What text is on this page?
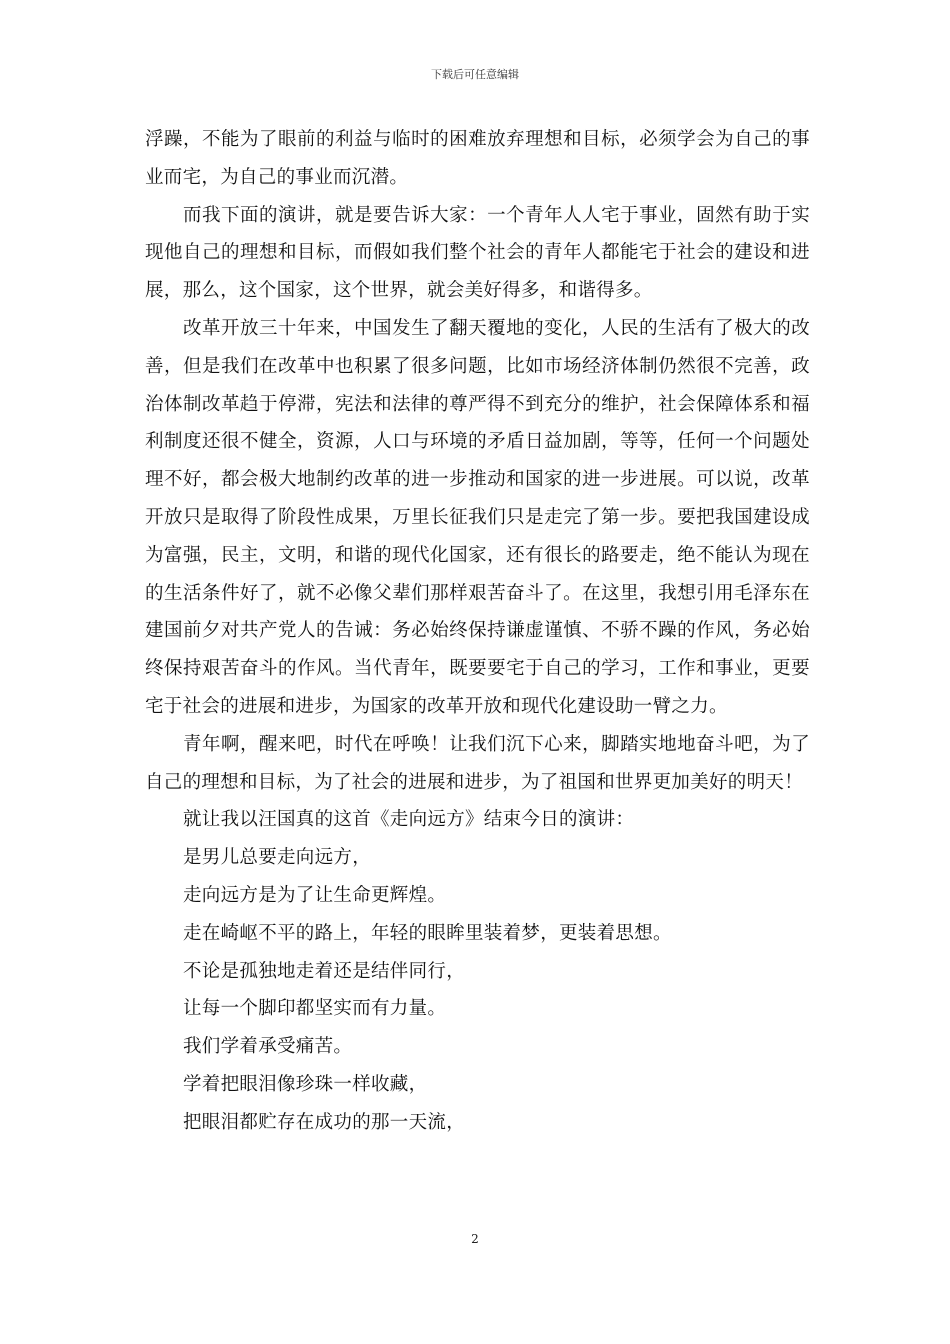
下载后可任意编辑

浮躁，不能为了眼前的利益与临时的困难放弃理想和目标，必须学会为自己的事业而宅，为自己的事业而沉潜。

而我下面的演讲，就是要告诉大家：一个青年人人宅于事业，固然有助于实现他自己的理想和目标，而假如我们整个社会的青年人都能宅于社会的建设和进展，那么，这个国家，这个世界，就会美好得多，和谐得多。

改革开放三十年来，中国发生了翻天覆地的变化，人民的生活有了极大的改善，但是我们在改革中也积累了很多问题，比如市场经济体制仍然很不完善，政治体制改革趋于停滞，宪法和法律的尊严得不到充分的维护，社会保障体系和福利制度还很不健全，资源，人口与环境的矛盾日益加剧，等等，任何一个问题处理不好，都会极大地制约改革的进一步推动和国家的进一步进展。可以说，改革开放只是取得了阶段性成果，万里长征我们只是走完了第一步。要把我国建设成为富强，民主，文明，和谐的现代化国家，还有很长的路要走，绝不能认为现在的生活条件好了，就不必像父辈们那样艰苦奋斗了。在这里，我想引用毛泽东在建国前夕对共产党人的告诫：务必始终保持谦虚谨慎、不骄不躁的作风，务必始终保持艰苦奋斗的作风。当代青年，既要要宅于自己的学习，工作和事业，更要宅于社会的进展和进步，为国家的改革开放和现代化建设助一臂之力。

青年啊，醒来吧，时代在呼唤！让我们沉下心来，脚踏实地地奋斗吧，为了自己的理想和目标，为了社会的进展和进步，为了祖国和世界更加美好的明天！

就让我以汪国真的这首《走向远方》结束今日的演讲：

是男儿总要走向远方，

走向远方是为了让生命更辉煌。

走在崎岖不平的路上，年轻的眼眸里装着梦，更装着思想。

不论是孤独地走着还是结伴同行，

让每一个脚印都坚实而有力量。

我们学着承受痛苦。

学着把眼泪像珍珠一样收藏，

把眼泪都贮存在成功的那一天流，

2
